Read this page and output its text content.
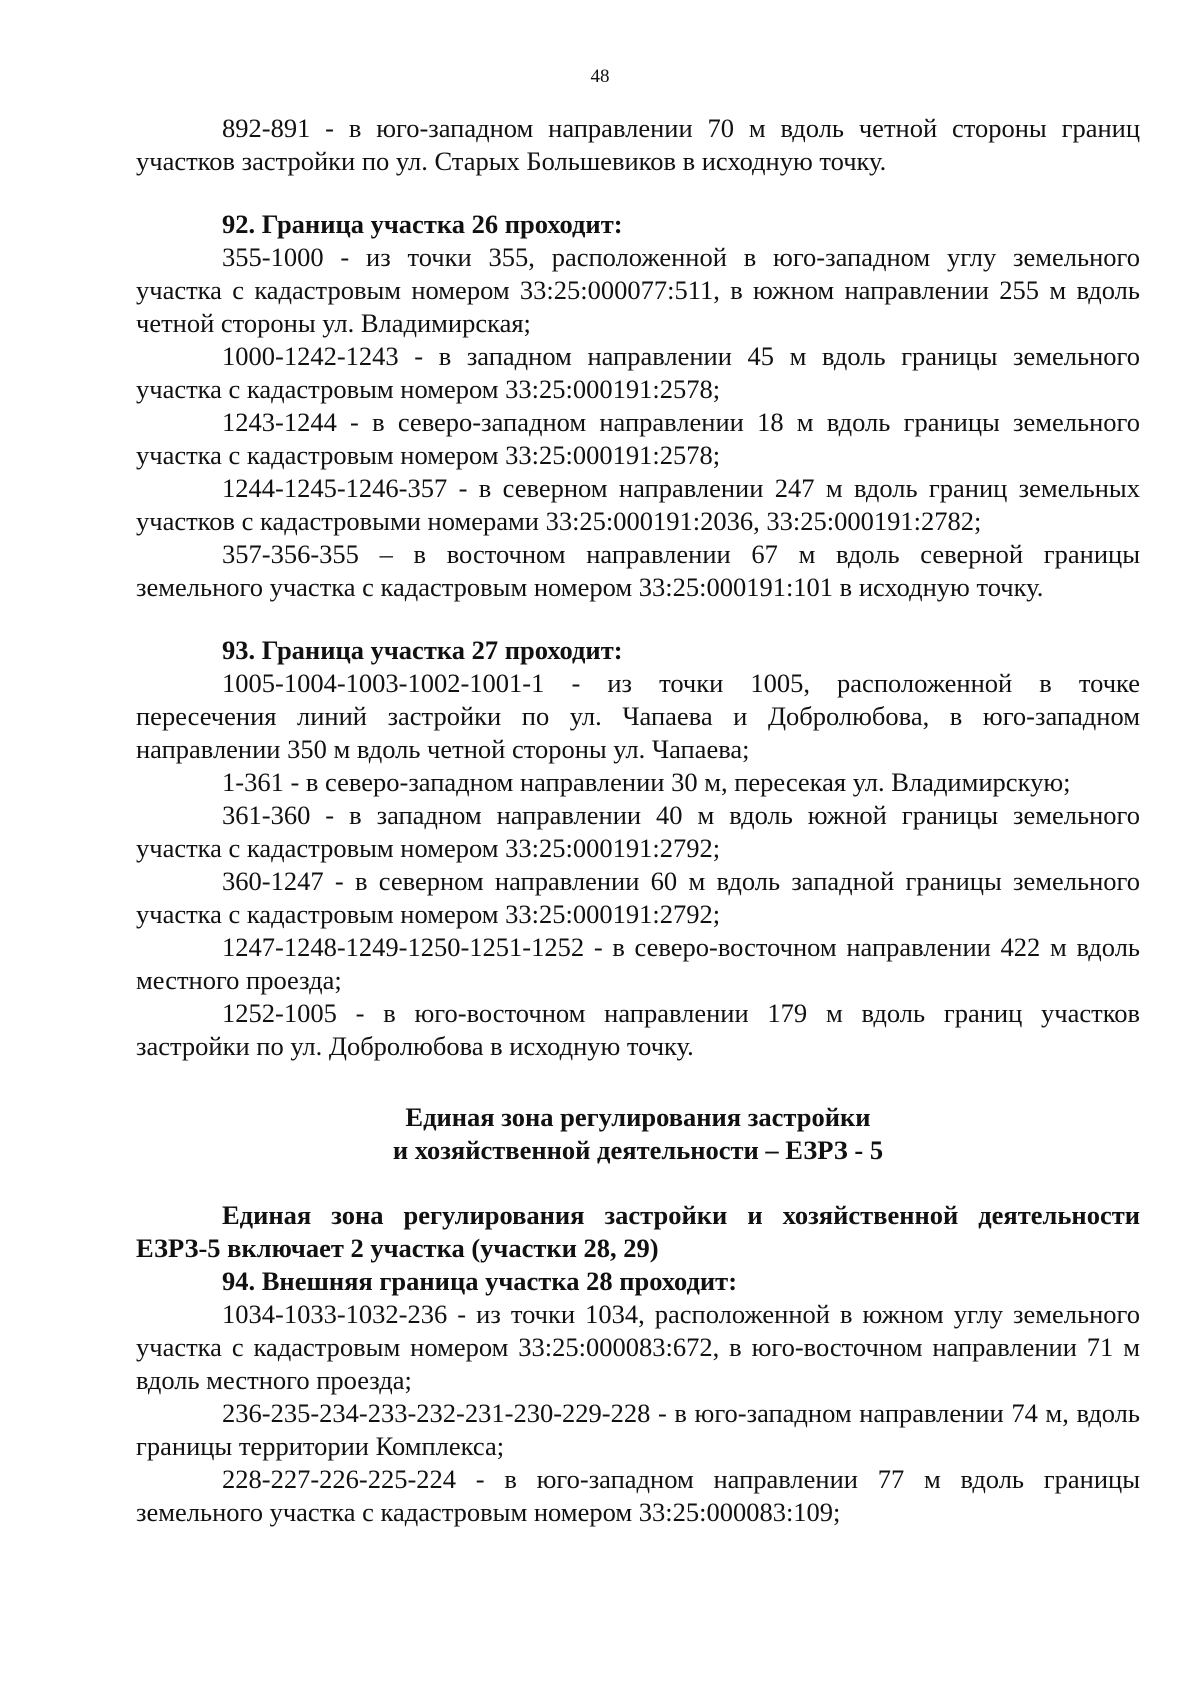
48

892-891 - в юго-западном направлении 70 м вдоль четной стороны границ участков застройки по ул. Старых Большевиков в исходную точку.

92. Граница участка 26 проходит:

355-1000 - из точки 355, расположенной в юго-западном углу земельного участка с кадастровым номером 33:25:000077:511, в южном направлении 255 м вдоль четной стороны ул. Владимирская;

1000-1242-1243 - в западном направлении 45 м вдоль границы земельного участка с кадастровым номером 33:25:000191:2578;

1243-1244 - в северо-западном направлении 18 м вдоль границы земельного участка с кадастровым номером 33:25:000191:2578;

1244-1245-1246-357 - в северном направлении 247 м вдоль границ земельных участков с кадастровыми номерами 33:25:000191:2036, 33:25:000191:2782;

357-356-355 – в восточном направлении 67 м вдоль северной границы земельного участка с кадастровым номером 33:25:000191:101 в исходную точку.

93. Граница участка 27 проходит:

1005-1004-1003-1002-1001-1 - из точки 1005, расположенной в точке пересечения линий застройки по ул. Чапаева и Добролюбова, в юго-западном направлении 350 м вдоль четной стороны ул. Чапаева;

1-361 - в северо-западном направлении 30 м, пересекая ул. Владимирскую;

361-360 - в западном направлении 40 м вдоль южной границы земельного участка с кадастровым номером 33:25:000191:2792;

360-1247 - в северном направлении 60 м вдоль западной границы земельного участка с кадастровым номером 33:25:000191:2792;

1247-1248-1249-1250-1251-1252 - в северо-восточном направлении 422 м вдоль местного проезда;

1252-1005 - в юго-восточном направлении 179 м вдоль границ участков застройки по ул. Добролюбова в исходную точку.

Единая зона регулирования застройки
и хозяйственной деятельности – ЕЗРЗ - 5

Единая зона регулирования застройки и хозяйственной деятельности ЕЗРЗ-5 включает 2 участка (участки 28, 29)

94. Внешняя граница участка 28 проходит:

1034-1033-1032-236 - из точки 1034, расположенной в южном углу земельного участка с кадастровым номером 33:25:000083:672, в юго-восточном направлении 71 м вдоль местного проезда;

236-235-234-233-232-231-230-229-228 - в юго-западном направлении 74 м, вдоль границы территории Комплекса;

228-227-226-225-224 - в юго-западном направлении 77 м вдоль границы земельного участка с кадастровым номером 33:25:000083:109;
